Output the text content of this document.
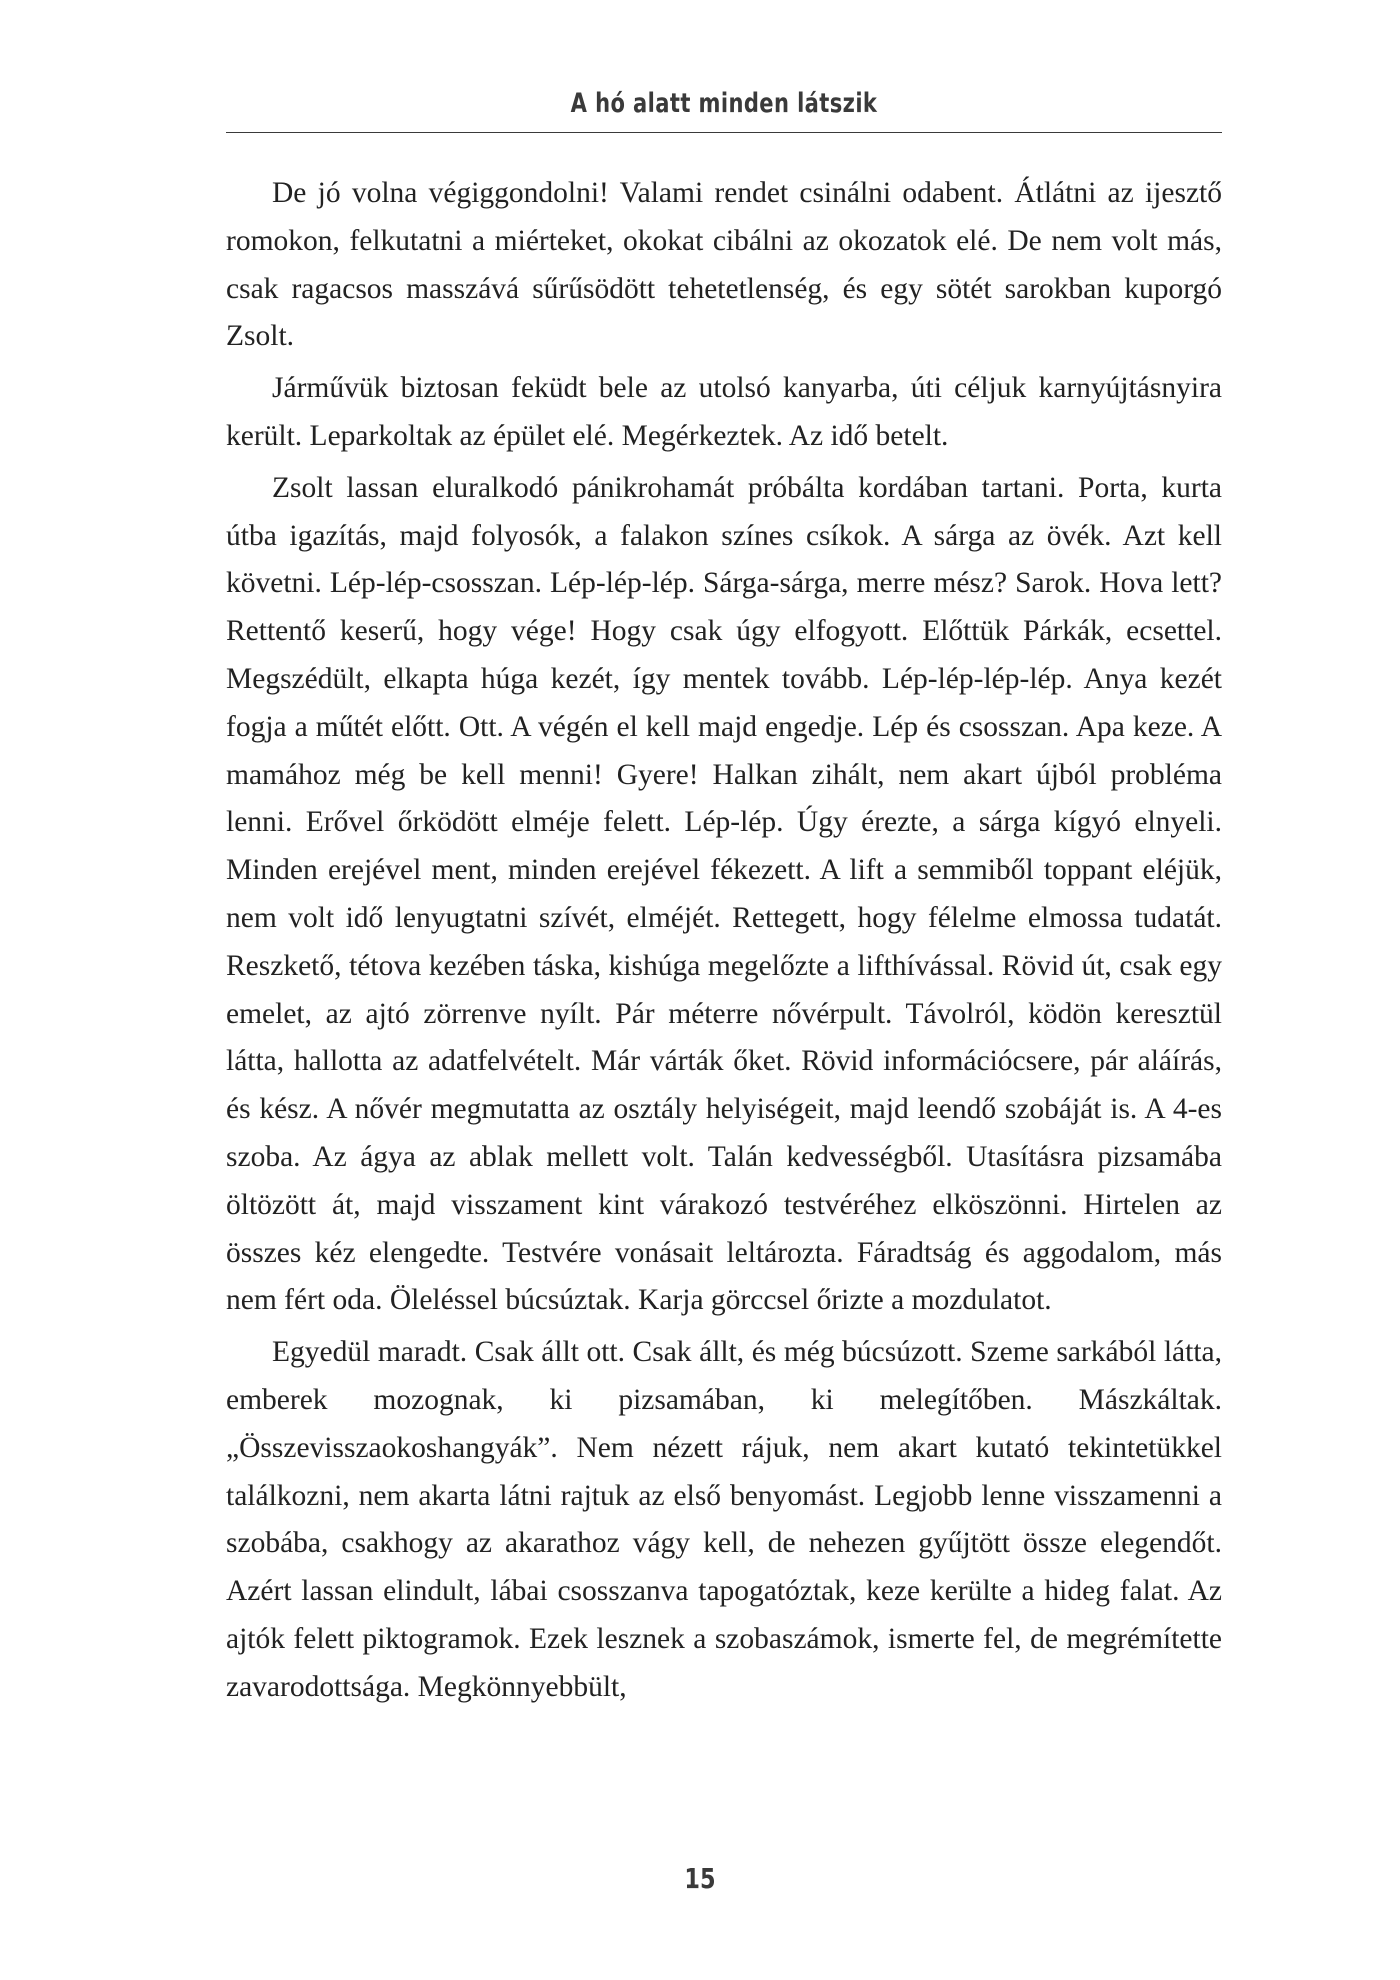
A hó alatt minden látszik

De jó volna végiggondolni! Valami rendet csinálni odabent. Átlátni az ijesztő romokon, felkutatni a miérteket, okokat cibálni az okozatok elé. De nem volt más, csak ragacsos masszává sűrűsödött tehetetlenség, és egy sötét sarokban kuporgó Zsolt.

Járművük biztosan feküdt bele az utolsó kanyarba, úti céljuk karnyújtásnyira került. Leparkoltak az épület elé. Megérkeztek. Az idő betelt.

Zsolt lassan eluralkodó pánikrohamát próbálta kordában tartani. Porta, kurta útba igazítás, majd folyosók, a falakon színes csíkok. A sárga az övék. Azt kell követni. Lép-lép-csosszan. Lép-lép-lép. Sárga-sárga, merre mész? Sarok. Hova lett? Rettentő keserű, hogy vége! Hogy csak úgy elfogyott. Előttük Párkák, ecsettel. Megszédült, elkapta húga kezét, így mentek tovább. Lép-lép-lép-lép. Anya kezét fogja a műtét előtt. Ott. A végén el kell majd engedje. Lép és csosszan. Apa keze. A mamához még be kell menni! Gyere! Halkan zihált, nem akart újból probléma lenni. Erővel őrködött elméje felett. Lép-lép. Úgy érezte, a sárga kígyó elnyeli. Minden erejével ment, minden erejével fékezett. A lift a semmiből toppant eléjük, nem volt idő lenyugtatni szívét, elméjét. Rettegett, hogy félelme elmossa tudatát. Reszkető, tétova kezében táska, kishúga megelőzte a lifthívással. Rövid út, csak egy emelet, az ajtó zörrenve nyílt. Pár méterre nővérpult. Távolról, ködön keresztül látta, hallotta az adatfelvételt. Már várták őket. Rövid információcsere, pár aláírás, és kész. A nővér megmutatta az osztály helyiségeit, majd leendő szobáját is. A 4-es szoba. Az ágya az ablak mellett volt. Talán kedvességből. Utasításra pizsamába öltözött át, majd visszament kint várakozó testvéréhez elköszönni. Hirtelen az összes kéz elengedte. Testvére vonásait leltározta. Fáradtság és aggodalom, más nem fért oda. Öleléssel búcsúztak. Karja görccsel őrizte a mozdulatot.

Egyedül maradt. Csak állt ott. Csak állt, és még búcsúzott. Szeme sarkából látta, emberek mozognak, ki pizsamában, ki melegítőben. Mászkáltak. „Összevisszaokoshangyák”. Nem nézett rájuk, nem akart kutató tekintetükkel találkozni, nem akarta látni rajtuk az első benyomást. Legjobb lenne visszamenni a szobába, csakhogy az akarathoz vágy kell, de nehezen gyűjtött össze elegendőt. Azért lassan elindult, lábai csosszanva tapogatóztak, keze kerülte a hideg falat. Az ajtók felett piktogramok. Ezek lesznek a szobaszámok, ismerte fel, de megrémítette zavarodottsága. Megkönnyebbült,

15
